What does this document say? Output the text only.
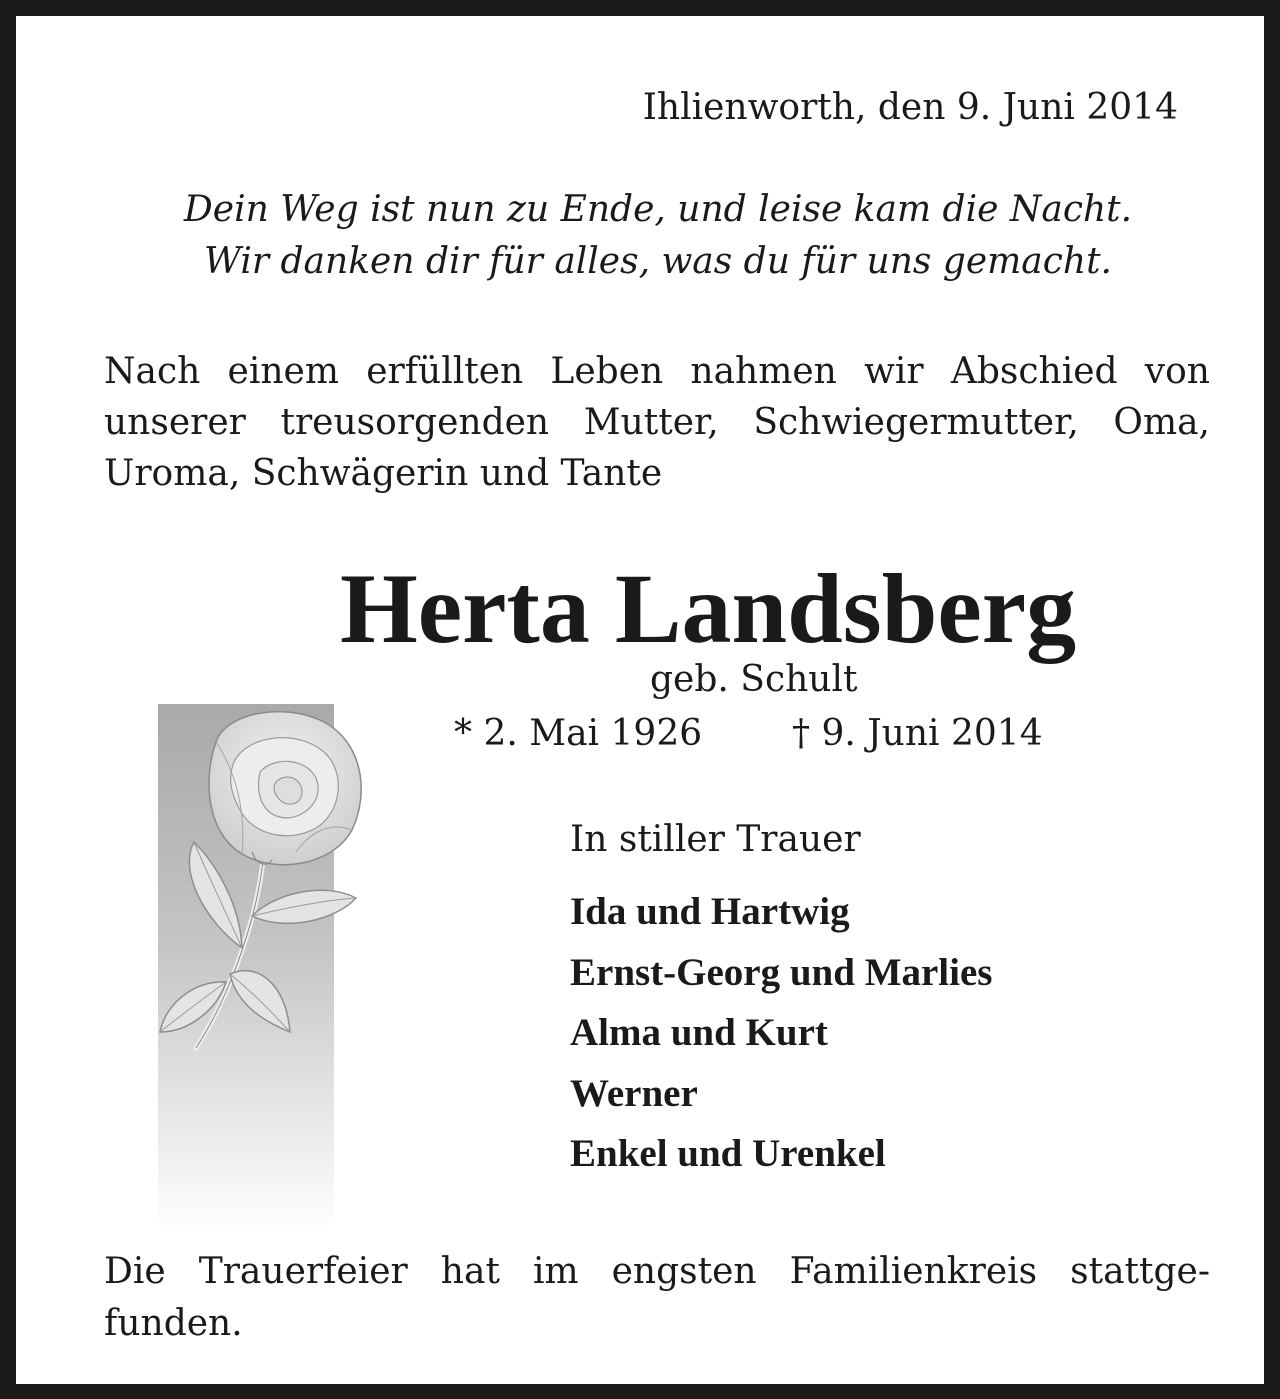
Ihlienworth, den 9. Juni 2014
Dein Weg ist nun zu Ende, und leise kam die Nacht.
Wir danken dir für alles, was du für uns gemacht.
Nach einem erfüllten Leben nahmen wir Abschied von
unserer treusorgenden Mutter, Schwiegermutter, Oma,
Uroma, Schwägerin und Tante
Herta Landsberg
geb. Schult
* 2. Mai 1926 † 9. Juni 2014
In stiller Trauer
Ida und Hartwig
Ernst-Georg und Marlies
Alma und Kurt
Werner
Enkel und Urenkel
Die Trauerfeier hat im engsten Familienkreis stattge-
funden.
